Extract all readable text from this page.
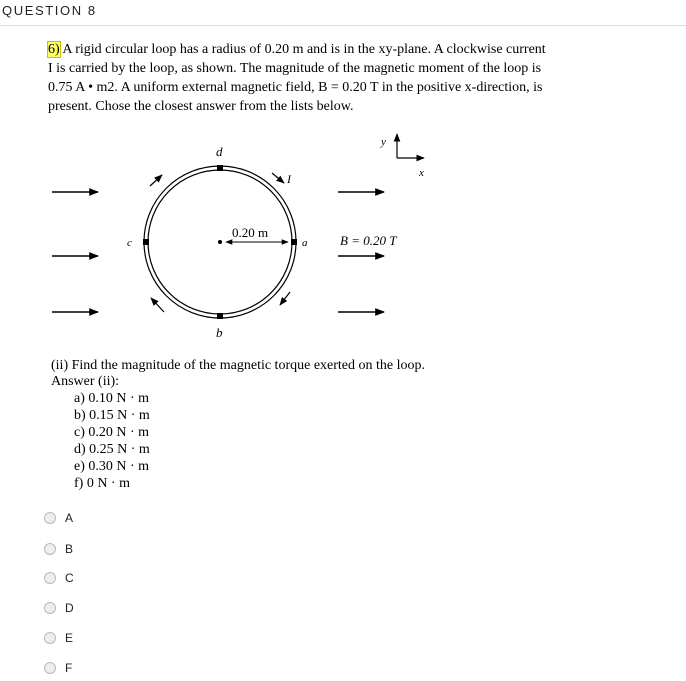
QUESTION 8
6) A rigid circular loop has a radius of 0.20 m and is in the xy-plane. A clockwise current
I is carried by the loop, as shown. The magnitude of the magnetic moment of the loop is
0.75 A • m2. A uniform external magnetic field, B = 0.20 T in the positive x-direction, is
present. Chose the closest answer from the lists below.
d
b
c	a
I
0.20 m
B = 0.20 T
y
x
(ii) Find the magnitude of the magnetic torque exerted on the loop.
Answer (ii):
a) 0.10 N · m
b) 0.15 N · m
c) 0.20 N · m
d) 0.25 N · m
e) 0.30 N · m
f) 0 N · m
A
B
C
D
E
F
